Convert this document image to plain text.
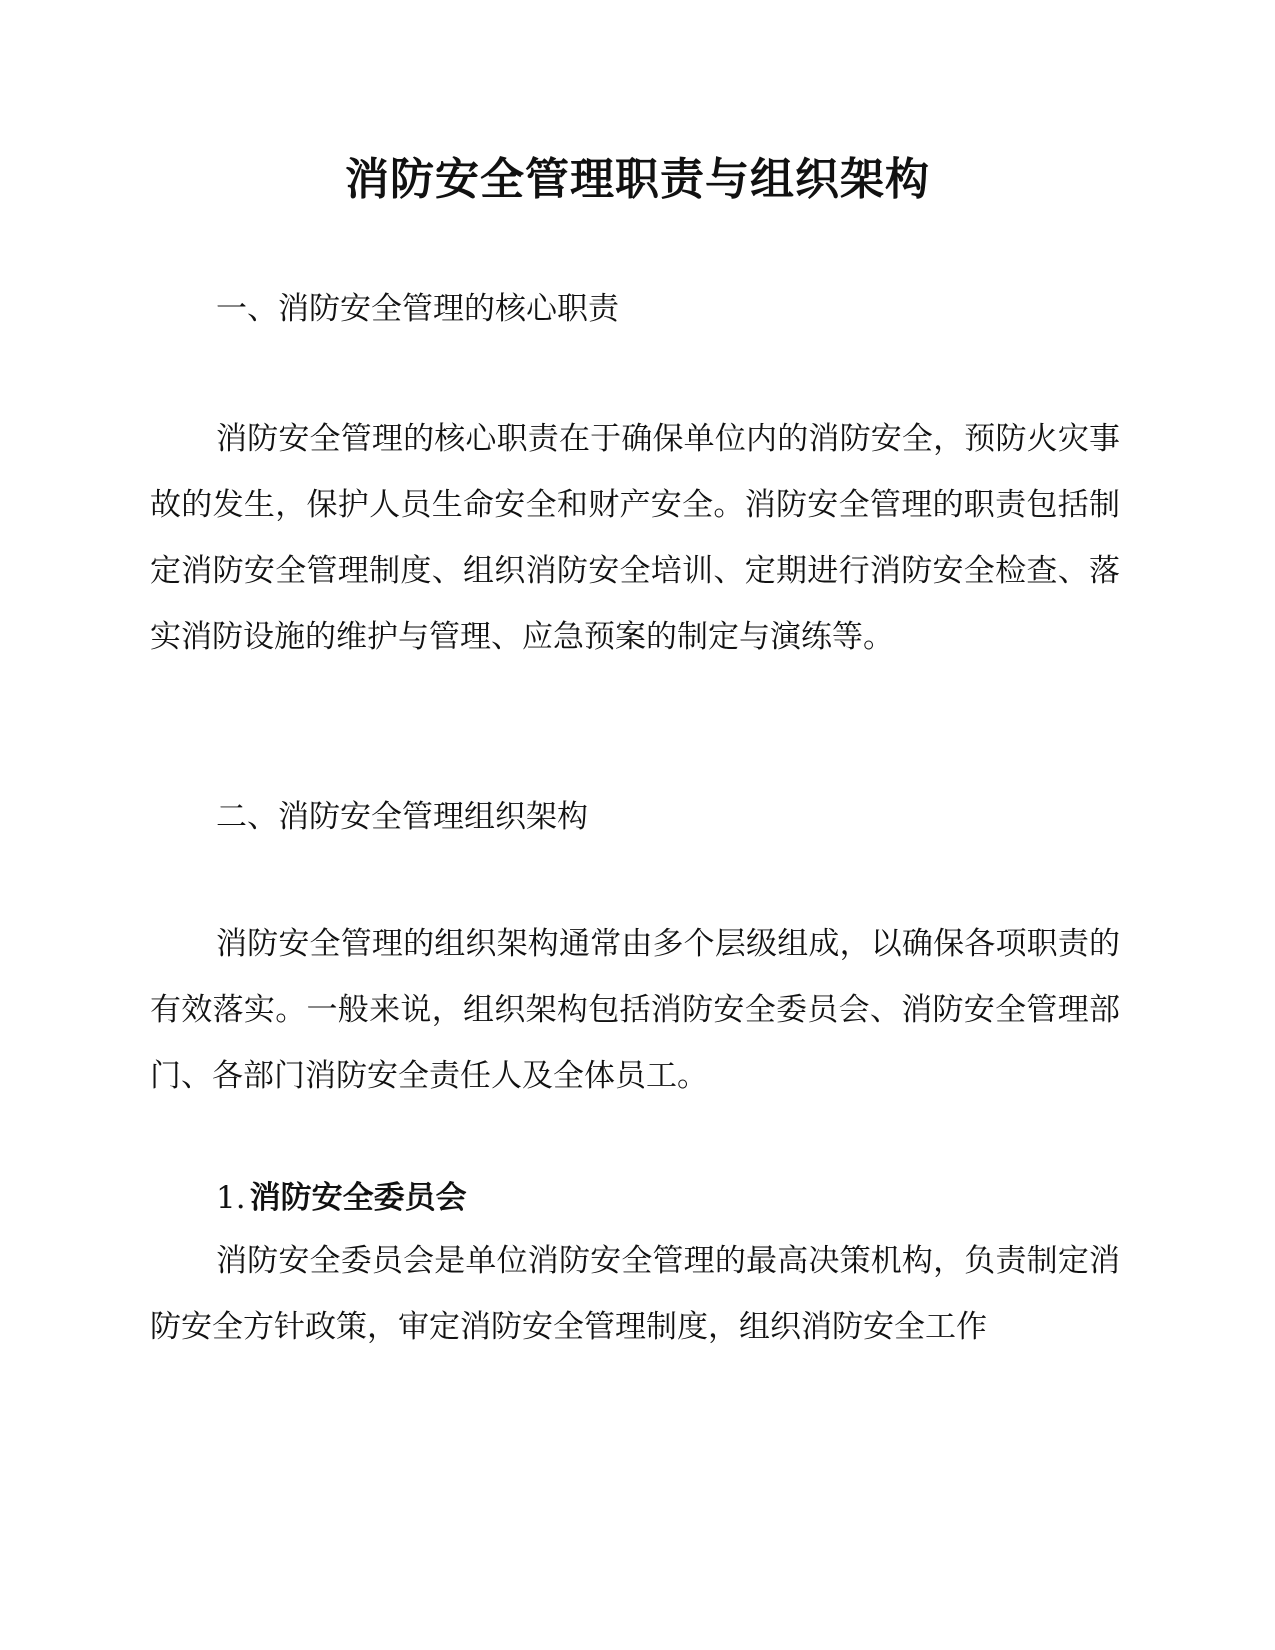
消防安全管理职责与组织架构
一、消防安全管理的核心职责
消防安全管理的核心职责在于确保单位内的消防安全，预防火灾事故的发生，保护人员生命安全和财产安全。消防安全管理的职责包括制定消防安全管理制度、组织消防安全培训、定期进行消防安全检查、落实消防设施的维护与管理、应急预案的制定与演练等。
二、消防安全管理组织架构
消防安全管理的组织架构通常由多个层级组成，以确保各项职责的有效落实。一般来说，组织架构包括消防安全委员会、消防安全管理部门、各部门消防安全责任人及全体员工。
1. 消防安全委员会
消防安全委员会是单位消防安全管理的最高决策机构，负责制定消防安全方针政策，审定消防安全管理制度，组织消防安全工作
